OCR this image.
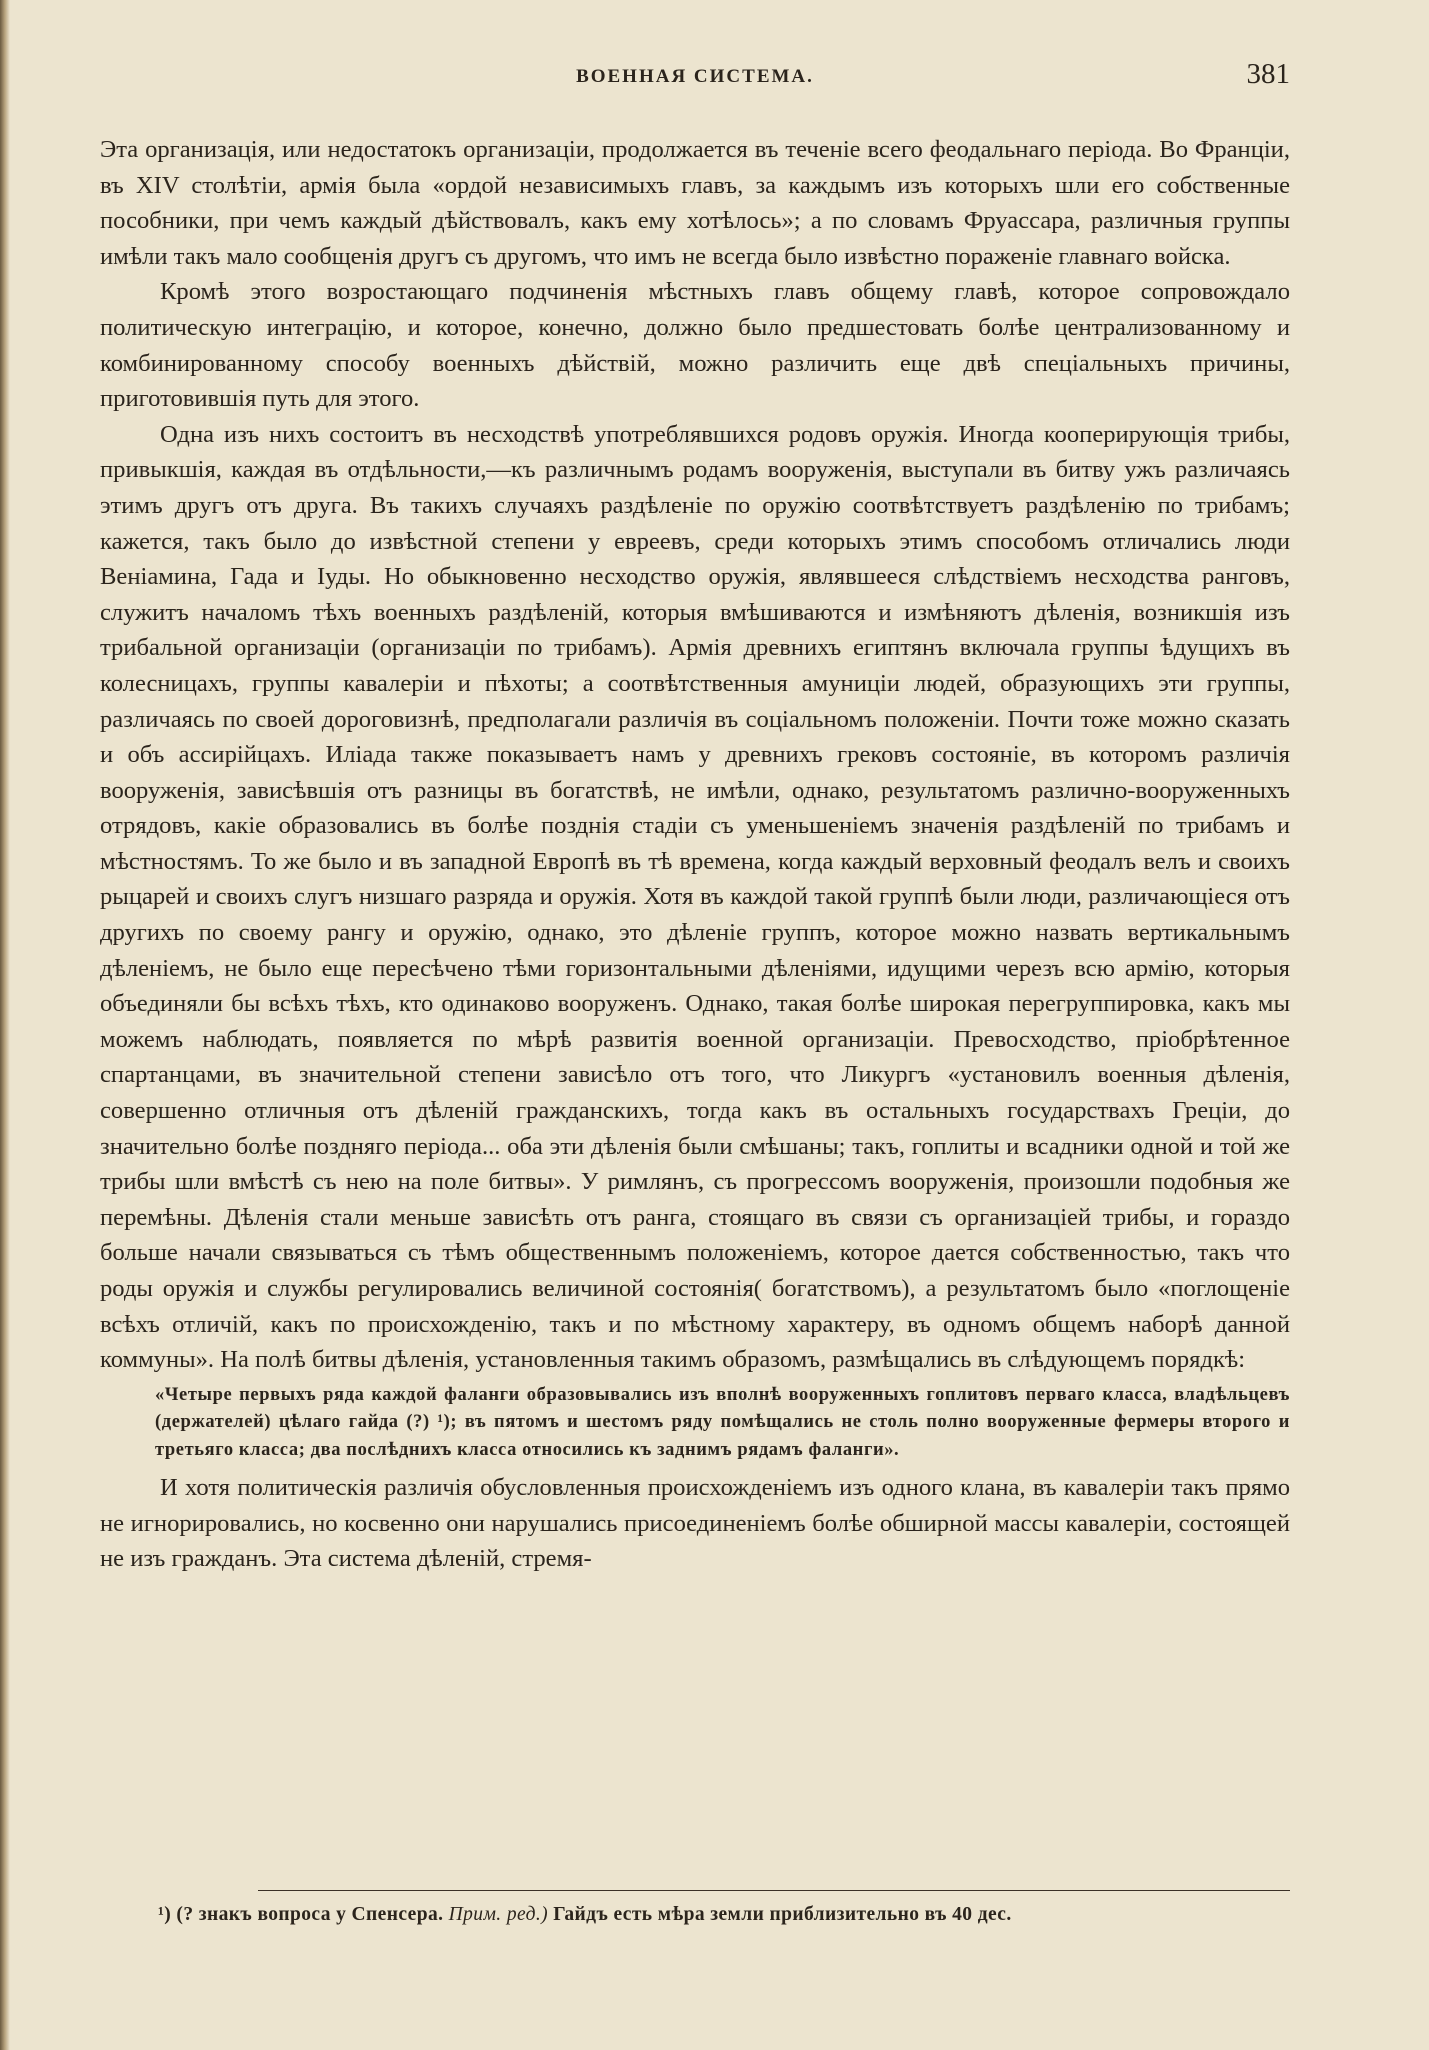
ВОЕННАЯ СИСТЕМА.	381

Эта организація, или недостатокъ организаціи, продолжается въ теченіе всего феодальнаго періода. Во Франціи, въ XIV столѣтіи, армія была «ордой независимыхъ главъ, за каждымъ изъ которыхъ шли его собственные пособники, при чемъ каждый дѣйствовалъ, какъ ему хотѣлось»; а по словамъ Фруассара, различныя группы имѣли такъ мало сообщенія другъ съ другомъ, что имъ не всегда было извѣстно пораженіе главнаго войска.

Кромѣ этого возростающаго подчиненія мѣстныхъ главъ общему главѣ, которое сопровождало политическую интеграцію, и которое, конечно, должно было предшестовать болѣе централизованному и комбинированному способу военныхъ дѣйствій, можно различить еще двѣ спеціальныхъ причины, приготовившія путь для этого.

Одна изъ нихъ состоитъ въ несходствѣ употреблявшихся родовъ оружія. Иногда кооперирующія трибы, привыкшія, каждая въ отдѣльности,—къ различнымъ родамъ вооруженія, выступали въ битву ужъ различаясь этимъ другъ отъ друга. Въ такихъ случаяхъ раздѣленіе по оружію соотвѣтствуетъ раздѣленію по трибамъ; кажется, такъ было до извѣстной степени у евреевъ, среди которыхъ этимъ способомъ отличались люди Веніамина, Гада и Іуды. Но обыкновенно несходство оружія, являвшееся слѣдствіемъ несходства ранговъ, служитъ началомъ тѣхъ военныхъ раздѣленій, которыя вмѣшиваются и измѣняютъ дѣленія, возникшія изъ трибальной организаціи (организаціи по трибамъ). Армія древнихъ египтянъ включала группы ѣдущихъ въ колесницахъ, группы кавалеріи и пѣхоты; а соотвѣтственныя амуниціи людей, образующихъ эти группы, различаясь по своей дороговизнѣ, предполагали различія въ соціальномъ положеніи. Почти тоже можно сказать и объ ассирійцахъ. Иліада также показываетъ намъ у древнихъ грековъ состояніе, въ которомъ различія вооруженія, зависѣвшія отъ разницы въ богатствѣ, не имѣли, однако, результатомъ различно-вооруженныхъ отрядовъ, какіе образовались въ болѣе позднія стадіи съ уменьшеніемъ значенія раздѣленій по трибамъ и мѣстностямъ. То же было и въ западной Европѣ въ тѣ времена, когда каждый верховный феодалъ велъ и своихъ рыцарей и своихъ слугъ низшаго разряда и оружія. Хотя въ каждой такой группѣ были люди, различающіеся отъ другихъ по своему рангу и оружію, однако, это дѣленіе группъ, которое можно назвать вертикальнымъ дѣленіемъ, не было еще пересѣчено тѣми горизонтальными дѣленіями, идущими черезъ всю армію, которыя объединяли бы всѣхъ тѣхъ, кто одинаково вооруженъ. Однако, такая болѣе широкая перегруппировка, какъ мы можемъ наблюдать, появляется по мѣрѣ развитія военной организаціи. Превосходство, пріобрѣтенное спартанцами, въ значительной степени зависѣло отъ того, что Ликургъ «установилъ военныя дѣленія, совершенно отличныя отъ дѣленій гражданскихъ, тогда какъ въ остальныхъ государствахъ Греціи, до значительно болѣе поздняго періода... оба эти дѣленія были смѣшаны; такъ, гоплиты и всадники одной и той же трибы шли вмѣстѣ съ нею на поле битвы». У римлянъ, съ прогрессомъ вооруженія, произошли подобныя же перемѣны. Дѣленія стали меньше зависѣть отъ ранга, стоящаго въ связи съ организаціей трибы, и гораздо больше начали связываться съ тѣмъ общественнымъ положеніемъ, которое дается собственностью, такъ что роды оружія и службы регулировались величиной состоянія( богатствомъ), а результатомъ было «поглощеніе всѣхъ отличій, какъ по происхожденію, такъ и по мѣстному характеру, въ одномъ общемъ наборѣ данной коммуны». На полѣ битвы дѣленія, установленныя такимъ образомъ, размѣщались въ слѣдующемъ порядкѣ:

«Четыре первыхъ ряда каждой фаланги образовывались изъ вполнѣ вооруженныхъ гоплитовъ перваго класса, владѣльцевъ (держателей) цѣлаго гайда (?) ¹); въ пятомъ и шестомъ ряду помѣщались не столь полно вооруженные фермеры второго и третьяго класса; два послѣднихъ класса относились къ заднимъ рядамъ фаланги».

И хотя политическія различія обусловленныя происхожденіемъ изъ одного клана, въ кавалеріи такъ прямо не игнорировались, но косвенно они нарушались присоединеніемъ болѣе обширной массы кавалеріи, состоящей не изъ гражданъ. Эта система дѣленій, стремя-

¹) (? знакъ вопроса у Спенсера. Прим. ред.) Гайдъ есть мѣра земли приблизительно въ 40 дес.
